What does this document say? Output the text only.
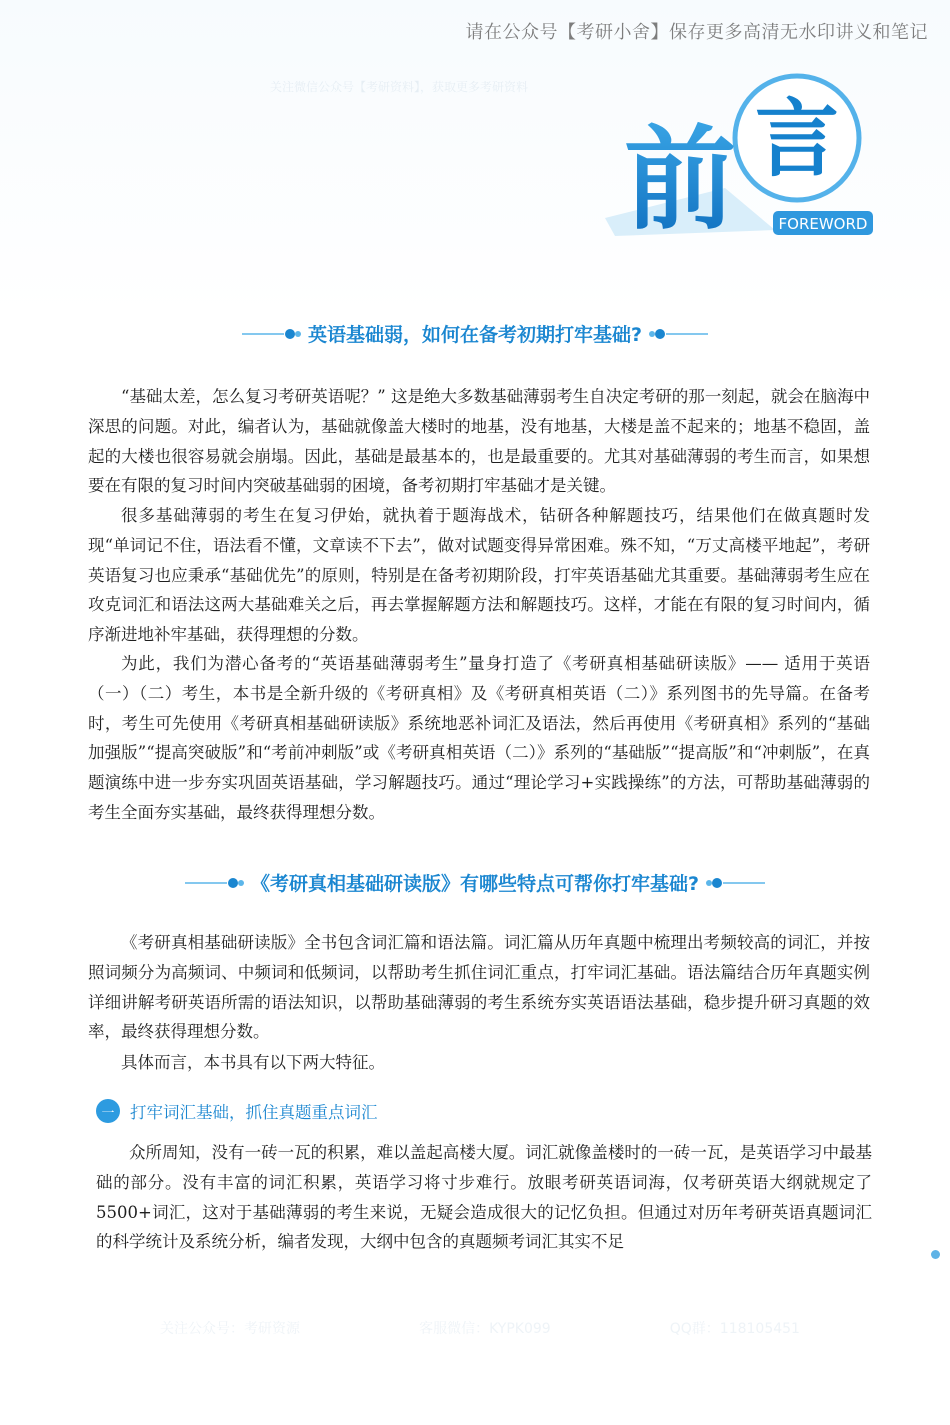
请在公众号【考研小舍】保存更多高清无水印讲义和笔记
关注微信公众号【考研资料】，获取更多考研资料
言
前	FOREWORD
英语基础弱，如何在备考初期打牢基础?

“基础太差，怎么复习考研英语呢？” 这是绝大多数基础薄弱考生自决定考研的那一刻起，就会在脑海中深思的问题。对此，编者认为，基础就像盖大楼时的地基，没有地基，大楼是盖不起来的；地基不稳固，盖起的大楼也很容易就会崩塌。因此，基础是最基本的，也是最重要的。尤其对基础薄弱的考生而言，如果想要在有限的复习时间内突破基础弱的困境，备考初期打牢基础才是关键。

很多基础薄弱的考生在复习伊始，就执着于题海战术，钻研各种解题技巧，结果他们在做真题时发现“单词记不住，语法看不懂，文章读不下去”，做对试题变得异常困难。殊不知，“万丈高楼平地起”，考研英语复习也应秉承“基础优先”的原则，特别是在备考初期阶段，打牢英语基础尤其重要。基础薄弱考生应在攻克词汇和语法这两大基础难关之后，再去掌握解题方法和解题技巧。这样，才能在有限的复习时间内，循序渐进地补牢基础，获得理想的分数。

为此，我们为潜心备考的“英语基础薄弱考生”量身打造了《考研真相基础研读版》—— 适用于英语（一）（二）考生，本书是全新升级的《考研真相》及《考研真相英语（二）》系列图书的先导篇。在备考时，考生可先使用《考研真相基础研读版》系统地恶补词汇及语法，然后再使用《考研真相》系列的“基础加强版”“提高突破版”和“考前冲刺版”或《考研真相英语（二）》系列的“基础版”“提高版”和“冲刺版”，在真题演练中进一步夯实巩固英语基础，学习解题技巧。通过“理论学习+实践操练”的方法，可帮助基础薄弱的考生全面夯实基础，最终获得理想分数。

《考研真相基础研读版》有哪些特点可帮你打牢基础?

《考研真相基础研读版》全书包含词汇篇和语法篇。词汇篇从历年真题中梳理出考频较高的词汇，并按照词频分为高频词、中频词和低频词，以帮助考生抓住词汇重点，打牢词汇基础。语法篇结合历年真题实例详细讲解考研英语所需的语法知识，以帮助基础薄弱的考生系统夯实英语语法基础，稳步提升研习真题的效率，最终获得理想分数。

具体而言，本书具有以下两大特征。

一 打牢词汇基础，抓住真题重点词汇

众所周知，没有一砖一瓦的积累，难以盖起高楼大厦。词汇就像盖楼时的一砖一瓦，是英语学习中最基础的部分。没有丰富的词汇积累，英语学习将寸步难行。放眼考研英语词海，仅考研英语大纲就规定了5500+词汇，这对于基础薄弱的考生来说，无疑会造成很大的记忆负担。但通过对历年考研英语真题词汇的科学统计及系统分析，编者发现，大纲中包含的真题频考词汇其实不足

关注公众号：考研资源	客服微信：KYPK099	QQ群：118105451
